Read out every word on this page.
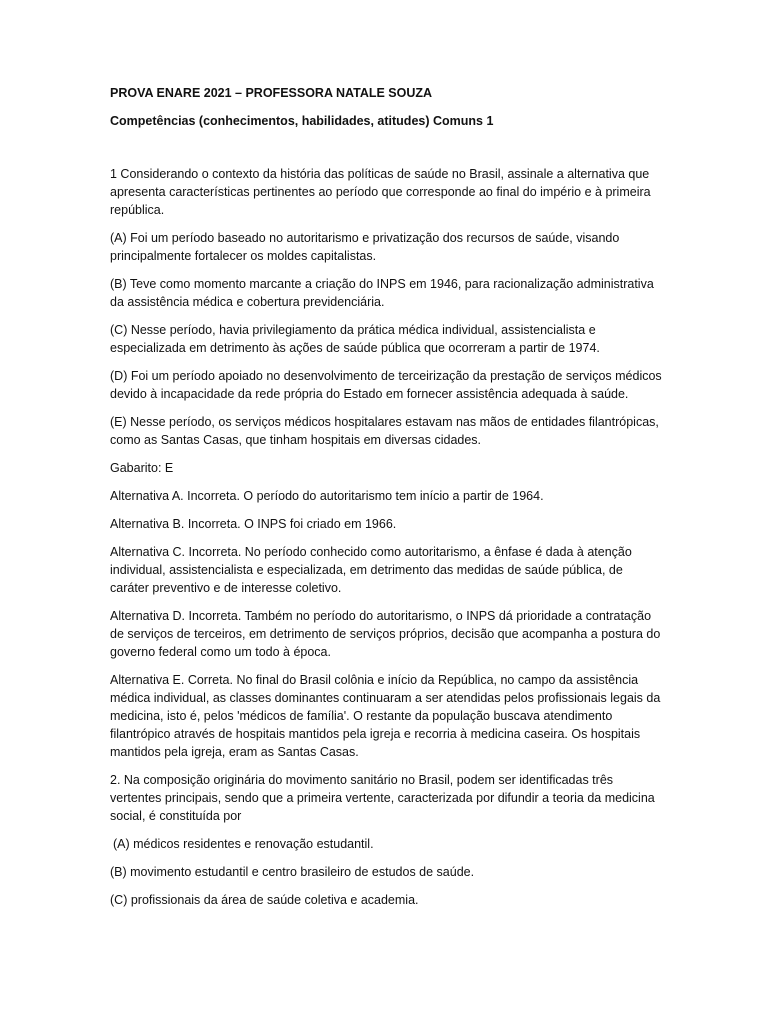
PROVA ENARE 2021 – PROFESSORA NATALE SOUZA

Competências (conhecimentos, habilidades, atitudes) Comuns 1

1 Considerando o contexto da história das políticas de saúde no Brasil, assinale a alternativa que apresenta características pertinentes ao período que corresponde ao final do império e à primeira república.

(A) Foi um período baseado no autoritarismo e privatização dos recursos de saúde, visando principalmente fortalecer os moldes capitalistas.

(B) Teve como momento marcante a criação do INPS em 1946, para racionalização administrativa da assistência médica e cobertura previdenciária.

(C) Nesse período, havia privilegiamento da prática médica individual, assistencialista e especializada em detrimento às ações de saúde pública que ocorreram a partir de 1974.

(D) Foi um período apoiado no desenvolvimento de terceirização da prestação de serviços médicos devido à incapacidade da rede própria do Estado em fornecer assistência adequada à saúde.

(E) Nesse período, os serviços médicos hospitalares estavam nas mãos de entidades filantrópicas, como as Santas Casas, que tinham hospitais em diversas cidades.

Gabarito: E

Alternativa A. Incorreta. O período do autoritarismo tem início a partir de 1964.

Alternativa B. Incorreta. O INPS foi criado em 1966.

Alternativa C. Incorreta. No período conhecido como autoritarismo, a ênfase é dada à atenção individual, assistencialista e especializada, em detrimento das medidas de saúde pública, de caráter preventivo e de interesse coletivo.

Alternativa D. Incorreta. Também no período do autoritarismo, o INPS dá prioridade a contratação de serviços de terceiros, em detrimento de serviços próprios, decisão que acompanha a postura do governo federal como um todo à época.

Alternativa E. Correta. No final do Brasil colônia e início da República, no campo da assistência médica individual, as classes dominantes continuaram a ser atendidas pelos profissionais legais da medicina, isto é, pelos 'médicos de família'. O restante da população buscava atendimento filantrópico através de hospitais mantidos pela igreja e recorria à medicina caseira. Os hospitais mantidos pela igreja, eram as Santas Casas.

2. Na composição originária do movimento sanitário no Brasil, podem ser identificadas três vertentes principais, sendo que a primeira vertente, caracterizada por difundir a teoria da medicina social, é constituída por

(A) médicos residentes e renovação estudantil.

(B) movimento estudantil e centro brasileiro de estudos de saúde.

(C) profissionais da área de saúde coletiva e academia.
